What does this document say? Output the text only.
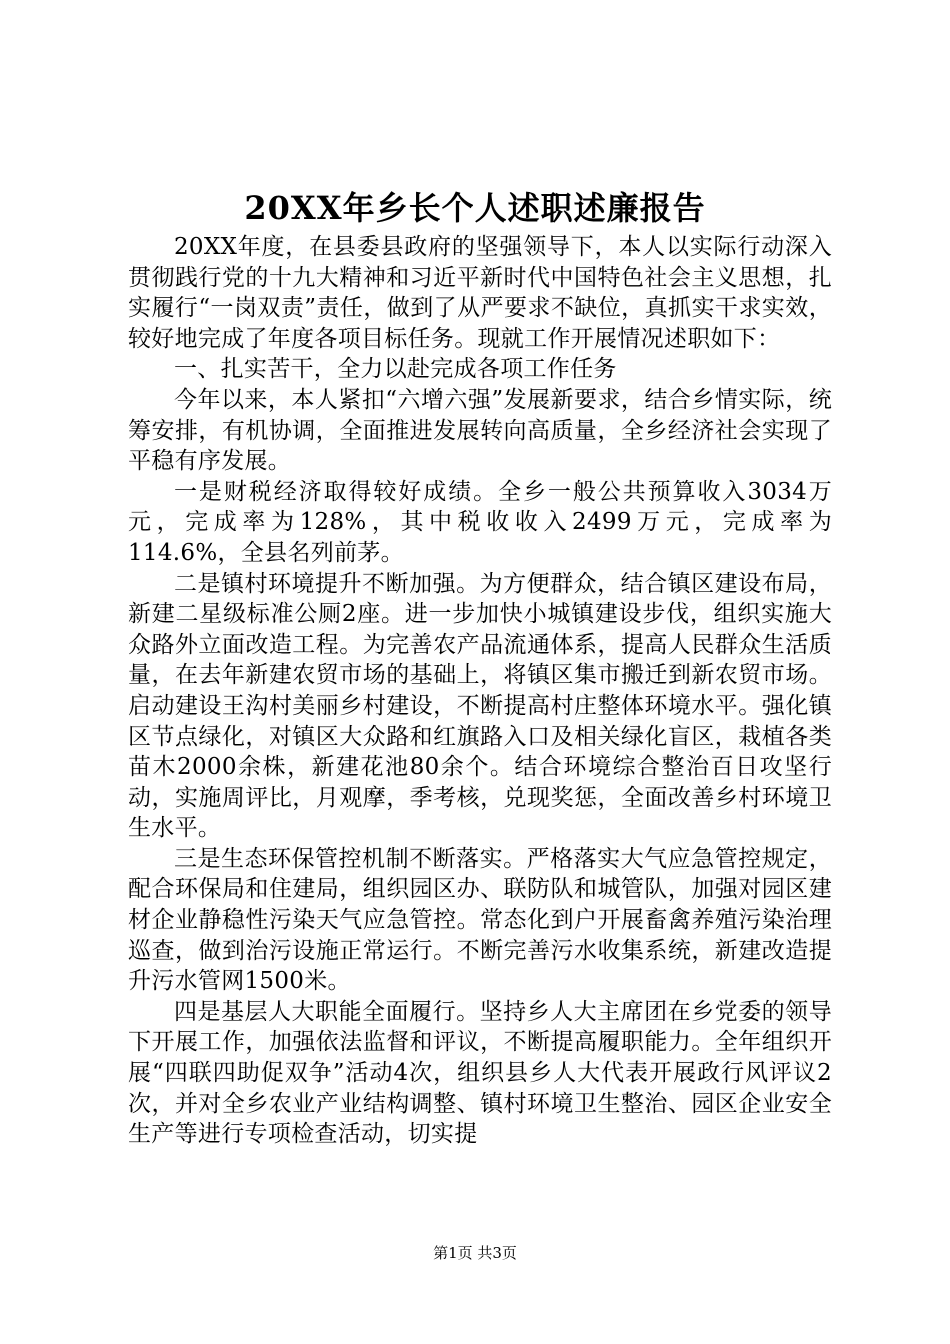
20XX年乡长个人述职述廉报告

20XX年度，在县委县政府的坚强领导下，本人以实际行动深入贯彻践行党的十九大精神和习近平新时代中国特色社会主义思想，扎实履行“一岗双责”责任，做到了从严要求不缺位，真抓实干求实效，较好地完成了年度各项目标任务。现就工作开展情况述职如下：

一、扎实苦干，全力以赴完成各项工作任务

今年以来，本人紧扣“六增六强”发展新要求，结合乡情实际，统筹安排，有机协调，全面推进发展转向高质量，全乡经济社会实现了平稳有序发展。

一是财税经济取得较好成绩。全乡一般公共预算收入3034万元，完成率为128%，其中税收收入2499万元，完成率为114.6%，全县名列前茅。

二是镇村环境提升不断加强。为方便群众，结合镇区建设布局，新建二星级标准公厕2座。进一步加快小城镇建设步伐，组织实施大众路外立面改造工程。为完善农产品流通体系，提高人民群众生活质量，在去年新建农贸市场的基础上，将镇区集市搬迁到新农贸市场。启动建设王沟村美丽乡村建设，不断提高村庄整体环境水平。强化镇区节点绿化，对镇区大众路和红旗路入口及相关绿化盲区，栽植各类苗木2000余株，新建花池80余个。结合环境综合整治百日攻坚行动，实施周评比，月观摩，季考核，兑现奖惩，全面改善乡村环境卫生水平。

三是生态环保管控机制不断落实。严格落实大气应急管控规定，配合环保局和住建局，组织园区办、联防队和城管队，加强对园区建材企业静稳性污染天气应急管控。常态化到户开展畜禽养殖污染治理巡查，做到治污设施正常运行。不断完善污水收集系统，新建改造提升污水管网1500米。

四是基层人大职能全面履行。坚持乡人大主席团在乡党委的领导下开展工作，加强依法监督和评议，不断提高履职能力。全年组织开展“四联四助促双争”活动4次，组织县乡人大代表开展政行风评议2次，并对全乡农业产业结构调整、镇村环境卫生整治、园区企业安全生产等进行专项检查活动，切实提

第1页 共3页
